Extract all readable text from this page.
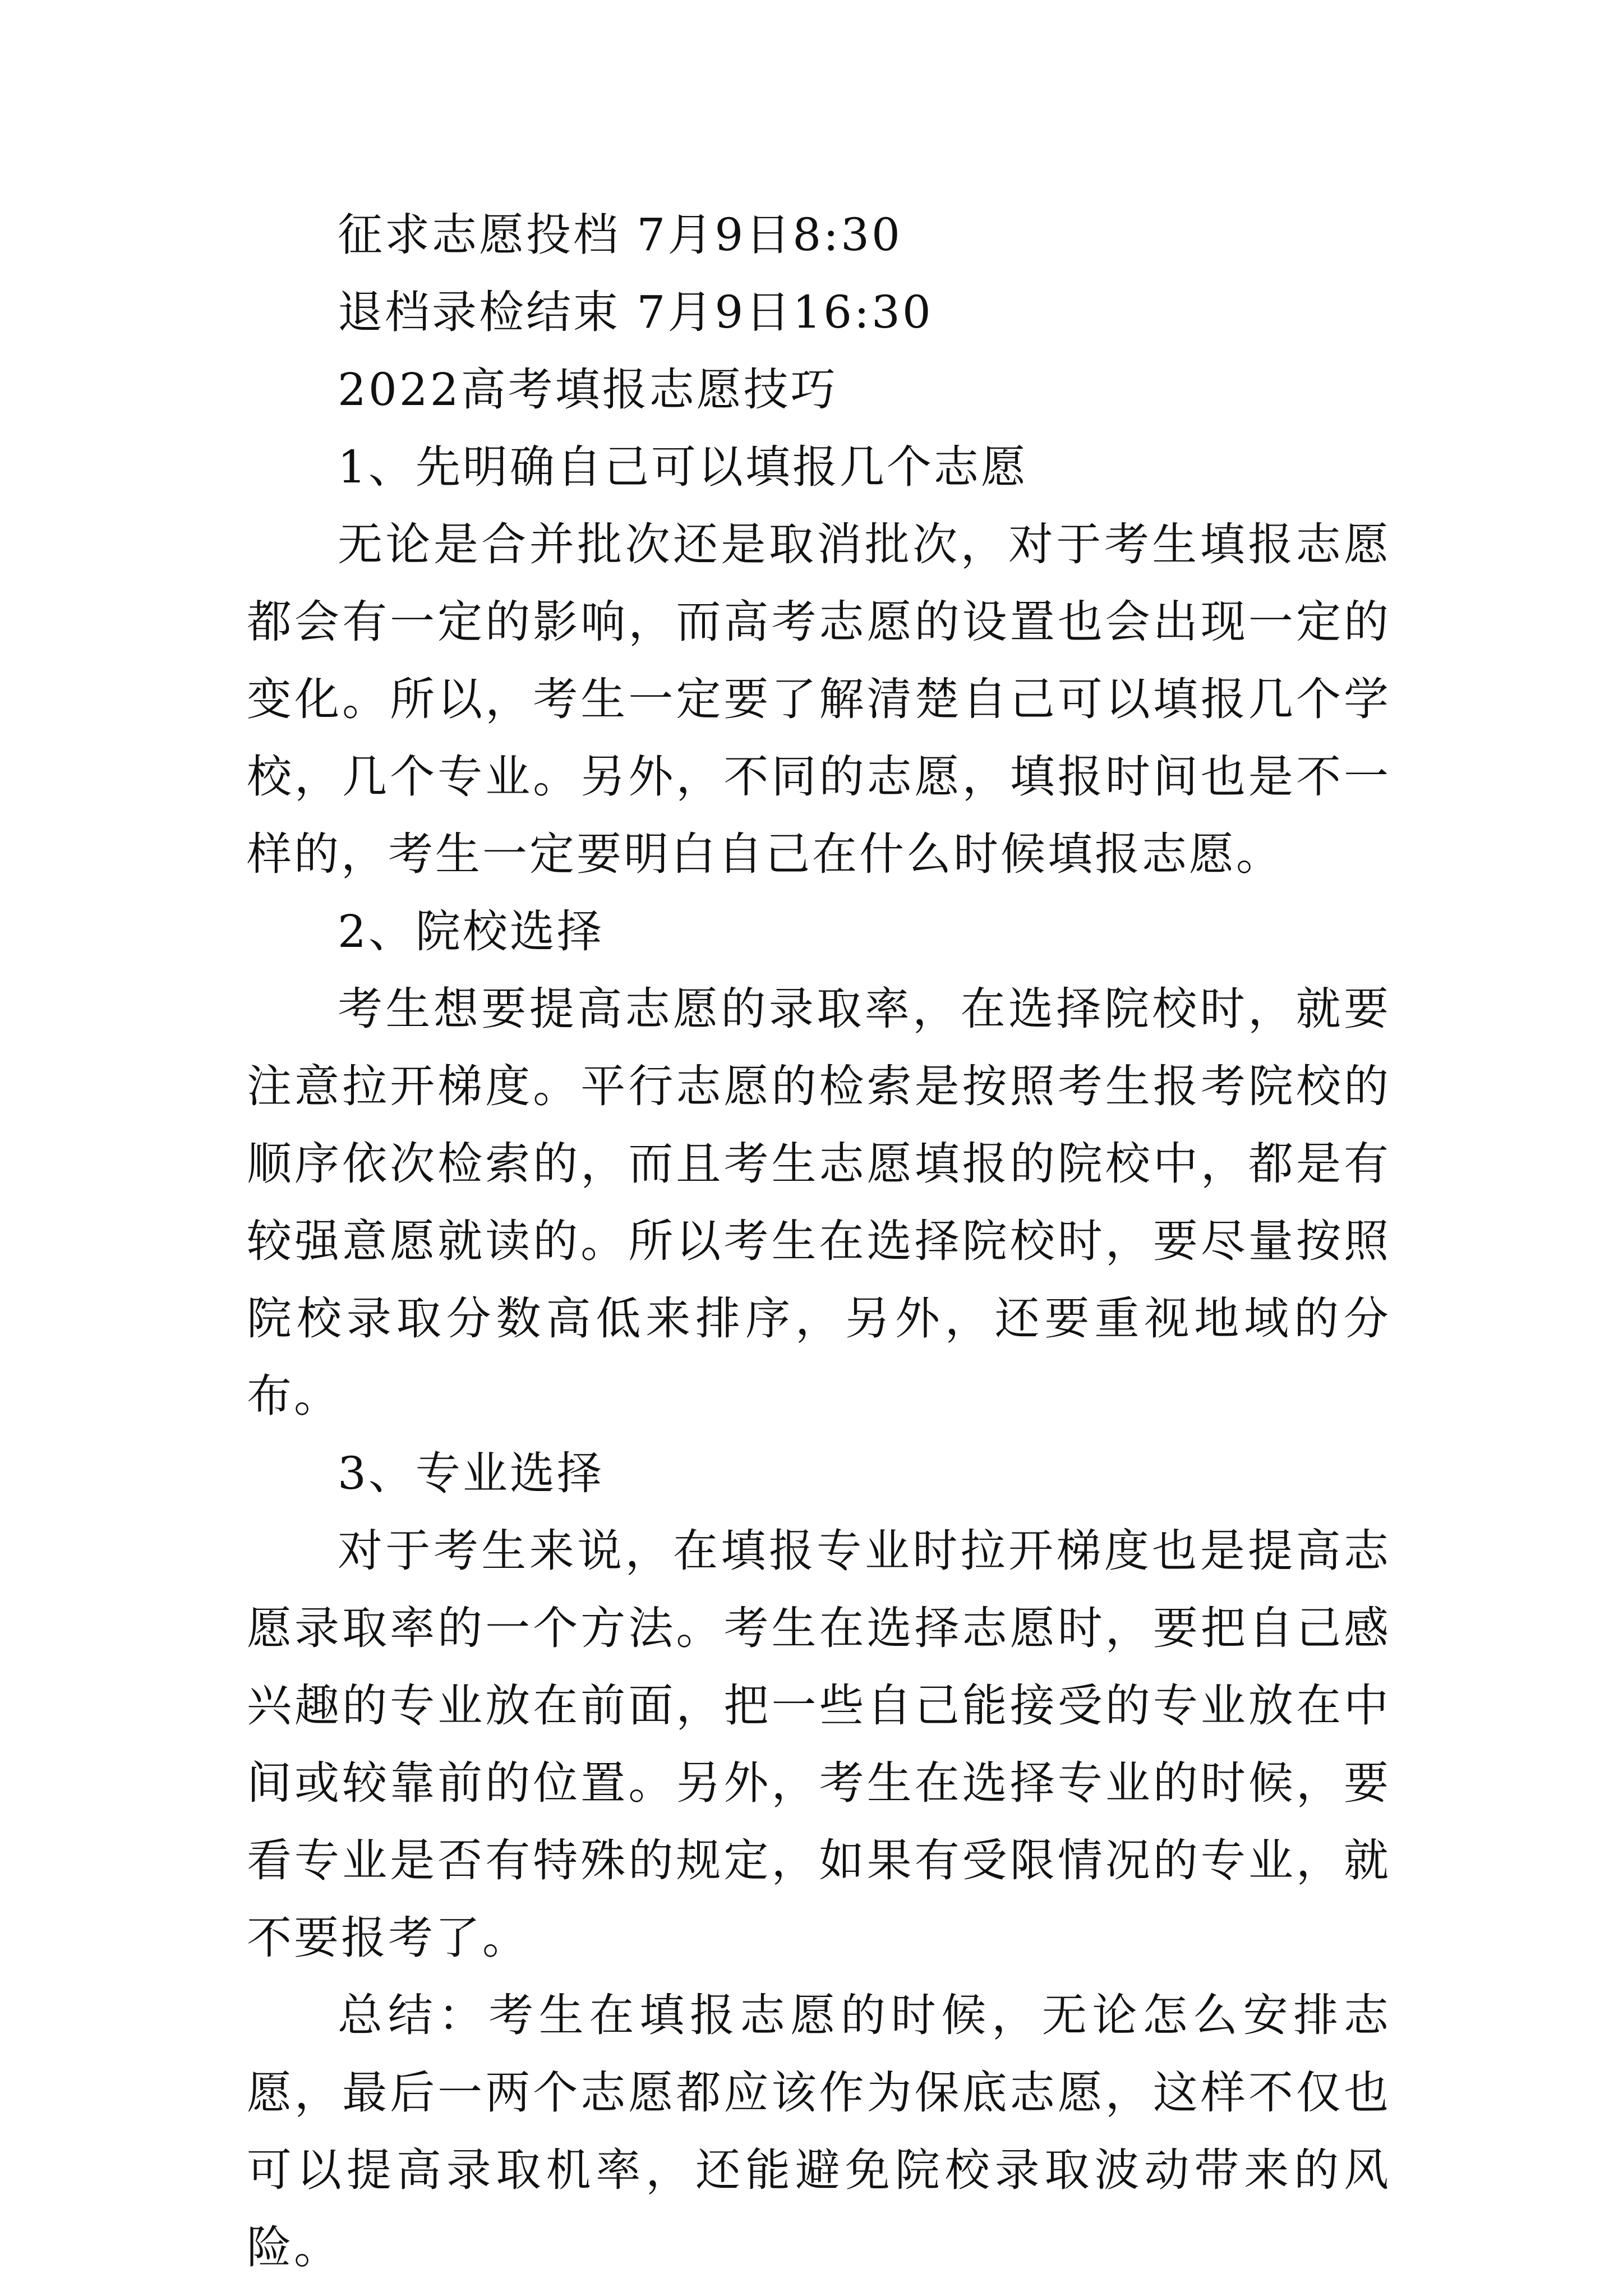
征求志愿投档 7月9日8:30
退档录检结束 7月9日16:30
2022高考填报志愿技巧
1、先明确自己可以填报几个志愿

无论是合并批次还是取消批次，对于考生填报志愿都会有一定的影响，而高考志愿的设置也会出现一定的变化。所以，考生一定要了解清楚自己可以填报几个学校，几个专业。另外，不同的志愿，填报时间也是不一样的，考生一定要明白自己在什么时候填报志愿。

2、院校选择

考生想要提高志愿的录取率，在选择院校时，就要注意拉开梯度。平行志愿的检索是按照考生报考院校的顺序依次检索的，而且考生志愿填报的院校中，都是有较强意愿就读的。所以考生在选择院校时，要尽量按照院校录取分数高低来排序，另外，还要重视地域的分布。

3、专业选择

对于考生来说，在填报专业时拉开梯度也是提高志愿录取率的一个方法。考生在选择志愿时，要把自己感兴趣的专业放在前面，把一些自己能接受的专业放在中间或较靠前的位置。另外，考生在选择专业的时候，要看专业是否有特殊的规定，如果有受限情况的专业，就不要报考了。

总结：考生在填报志愿的时候，无论怎么安排志愿，最后一两个志愿都应该作为保底志愿，这样不仅也可以提高录取机率，还能避免院校录取波动带来的风险。
